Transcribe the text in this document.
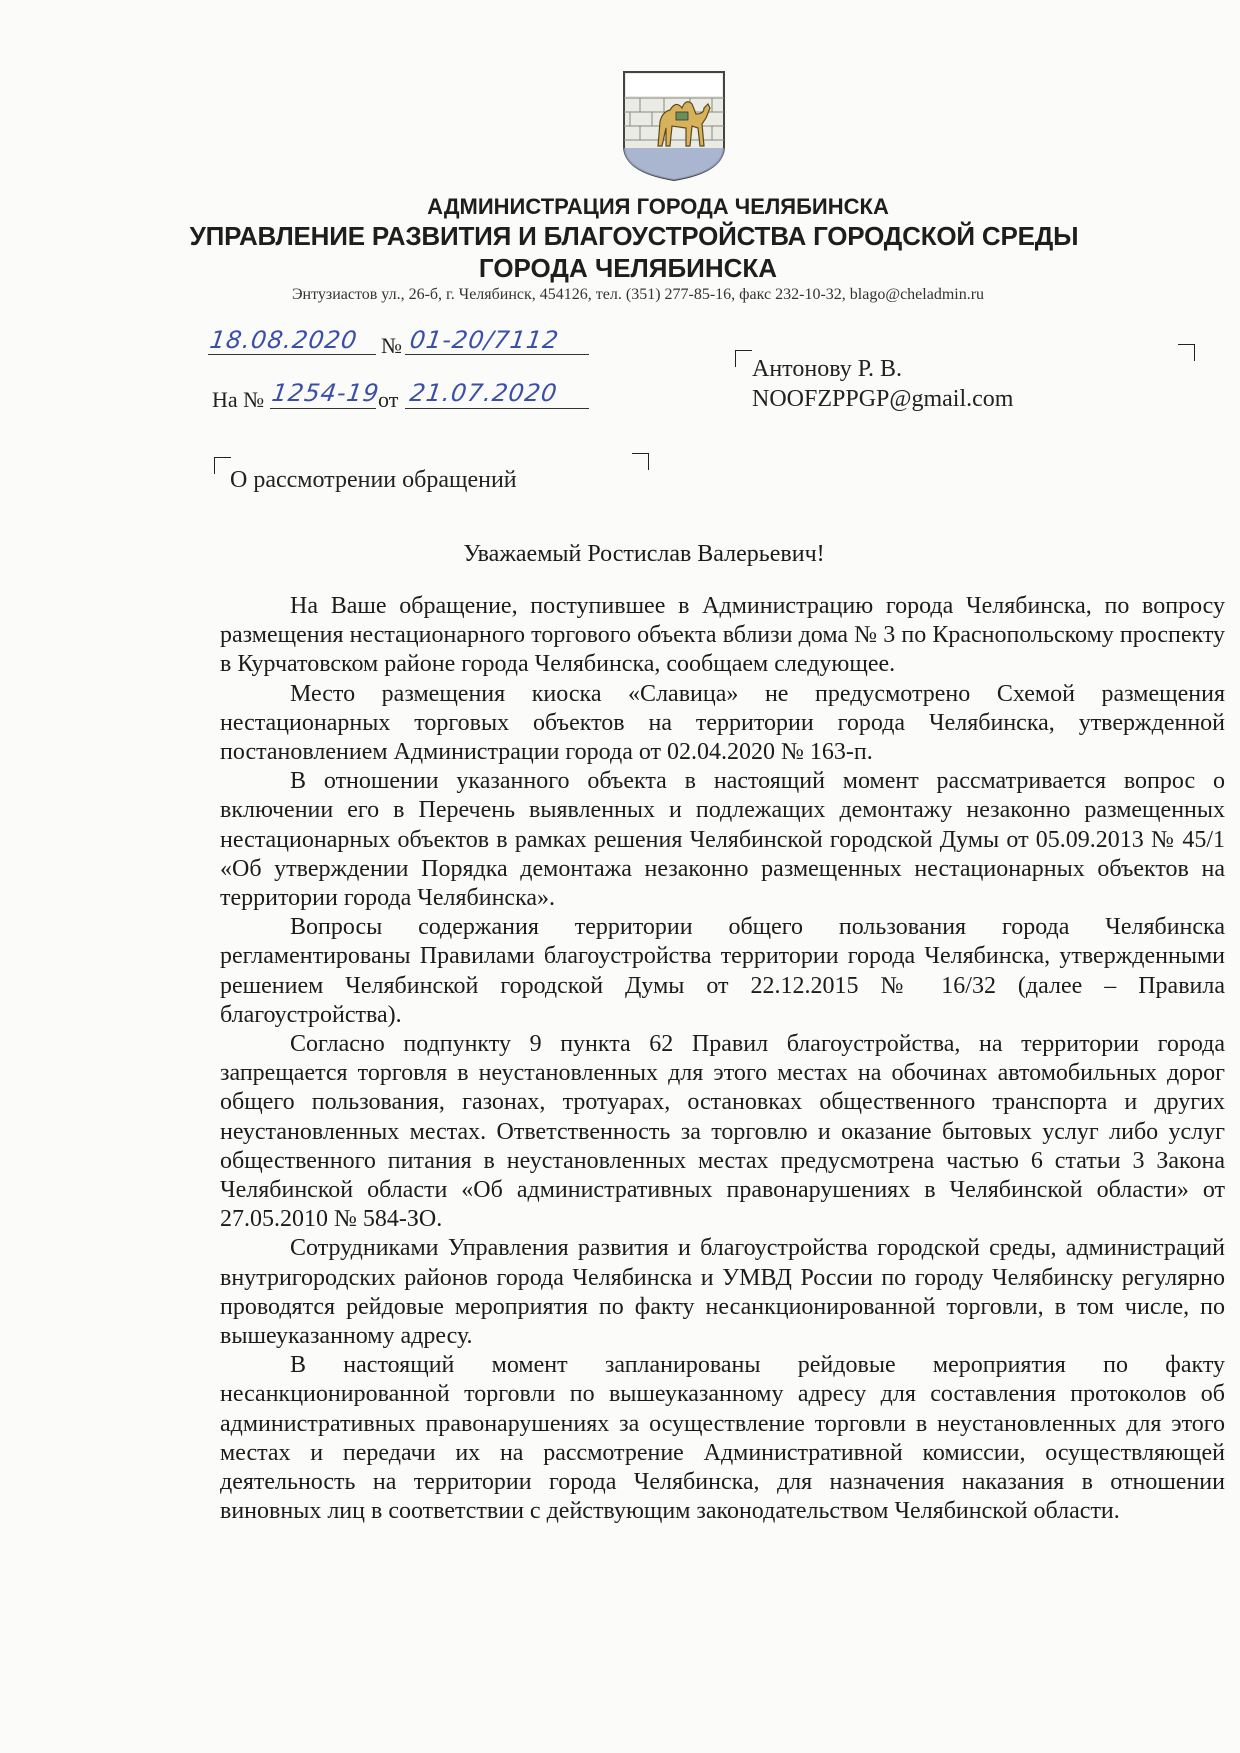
АДМИНИСТРАЦИЯ ГОРОДА ЧЕЛЯБИНСКА
УПРАВЛЕНИЕ РАЗВИТИЯ И БЛАГОУСТРОЙСТВА ГОРОДСКОЙ СРЕДЫ
ГОРОДА ЧЕЛЯБИНСКА
Энтузиастов ул., 26-б, г. Челябинск, 454126, тел. (351) 277-85-16, факс 232-10-32, blago@cheladmin.ru
18.08.2020 № 01-20/7112
На № 1254-19
от 21.07.2020
Антонову Р. В.
NOOFZPPGP@gmail.com
О рассмотрении обращений
Уважаемый Ростислав Валерьевич!

На Ваше обращение, поступившее в Администрацию города Челябинска, по вопросу размещения нестационарного торгового объекта вблизи дома № 3 по Краснопольскому проспекту в Курчатовском районе города Челябинска, сообщаем следующее.

Место размещения киоска «Славица» не предусмотрено Схемой размещения нестационарных торговых объектов на территории города Челябинска, утвержденной постановлением Администрации города от 02.04.2020 № 163-п.

В отношении указанного объекта в настоящий момент рассматривается вопрос о включении его в Перечень выявленных и подлежащих демонтажу незаконно размещенных нестационарных объектов в рамках решения Челябинской городской Думы от 05.09.2013 № 45/1 «Об утверждении Порядка демонтажа незаконно размещенных нестационарных объектов на территории города Челябинска».

Вопросы содержания территории общего пользования города Челябинска регламентированы Правилами благоустройства территории города Челябинска, утвержденными решением Челябинской городской Думы от 22.12.2015 № 16/32 (далее – Правила благоустройства).

Согласно подпункту 9 пункта 62 Правил благоустройства, на территории города запрещается торговля в неустановленных для этого местах на обочинах автомобильных дорог общего пользования, газонах, тротуарах, остановках общественного транспорта и других неустановленных местах. Ответственность за торговлю и оказание бытовых услуг либо услуг общественного питания в неустановленных местах предусмотрена частью 6 статьи 3 Закона Челябинской области «Об административных правонарушениях в Челябинской области» от 27.05.2010 № 584-ЗО.

Сотрудниками Управления развития и благоустройства городской среды, администраций внутригородских районов города Челябинска и УМВД России по городу Челябинску регулярно проводятся рейдовые мероприятия по факту несанкционированной торговли, в том числе, по вышеуказанному адресу.

В настоящий момент запланированы рейдовые мероприятия по факту несанкционированной торговли по вышеуказанному адресу для составления протоколов об административных правонарушениях за осуществление торговли в неустановленных для этого местах и передачи их на рассмотрение Административной комиссии, осуществляющей деятельность на территории города Челябинска, для назначения наказания в отношении виновных лиц в соответствии с действующим законодательством Челябинской области.
